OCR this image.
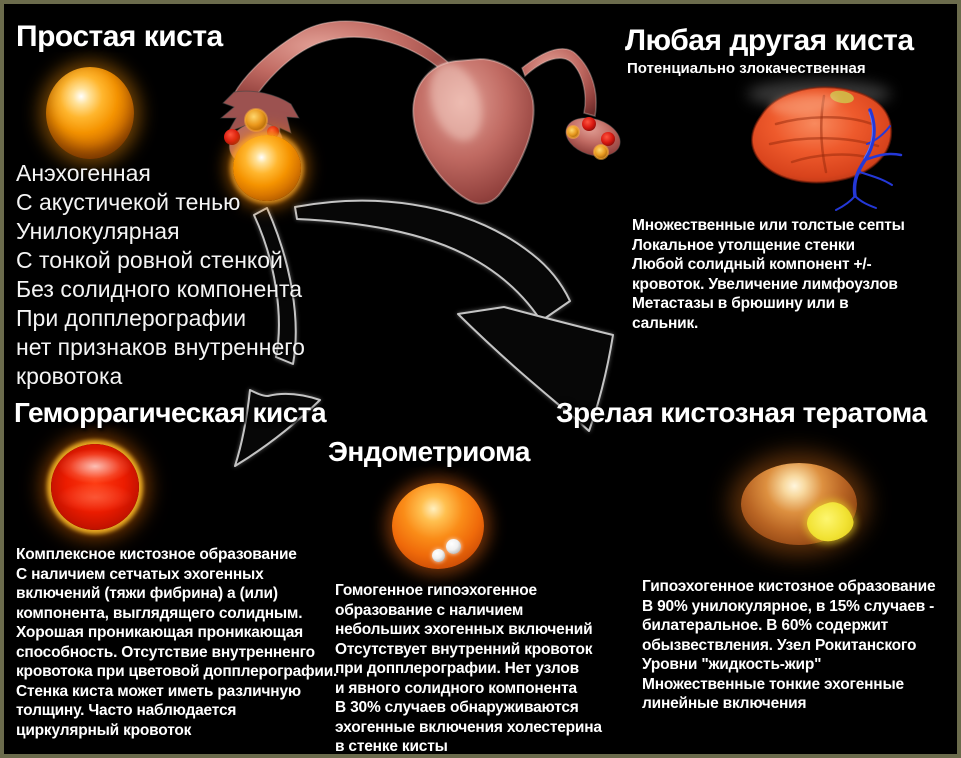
Простая киста
Анэхогенная
С акустичекой тенью
Унилокулярная
С тонкой ровной стенкой
Без солидного компонента
При допплерографии
нет признаков внутреннего
кровотока
Любая другая киста
Потенциально злокачественная
Множественные или толстые септы
Локальное утолщение стенки
Любой солидный компонент +/-
кровоток. Увеличение лимфоузлов
Метастазы в брюшину или в
сальник.
Геморрагическая киста
Комплексное кистозное образование
С наличием сетчатых эхогенных
включений (тяжи фибрина) а (или)
компонента, выглядящего солидным.
Хорошая проникающая проникающая
способность. Отсутствие внутренненго
кровотока при цветовой допплерографии.
Стенка киста может иметь различную
толщину. Часто наблюдается
циркулярный кровоток
Эндометриома
Гомогенное гипоэхогенное
образование с наличием
небольших эхогенных включений
Отсутствует внутренний кровоток
при допплерографии. Нет узлов
и явного солидного компонента
В 30% случаев обнаруживаются
эхогенные включения холестерина
в стенке кисты
Зрелая кистозная тератома
Гипоэхогенное кистозное образование
В 90% унилокулярное, в 15% случаев -
билатеральное. В 60% содержит
обызвествления. Узел Рокитанского
Уровни "жидкость-жир"
Множественные тонкие эхогенные
линейные включения
